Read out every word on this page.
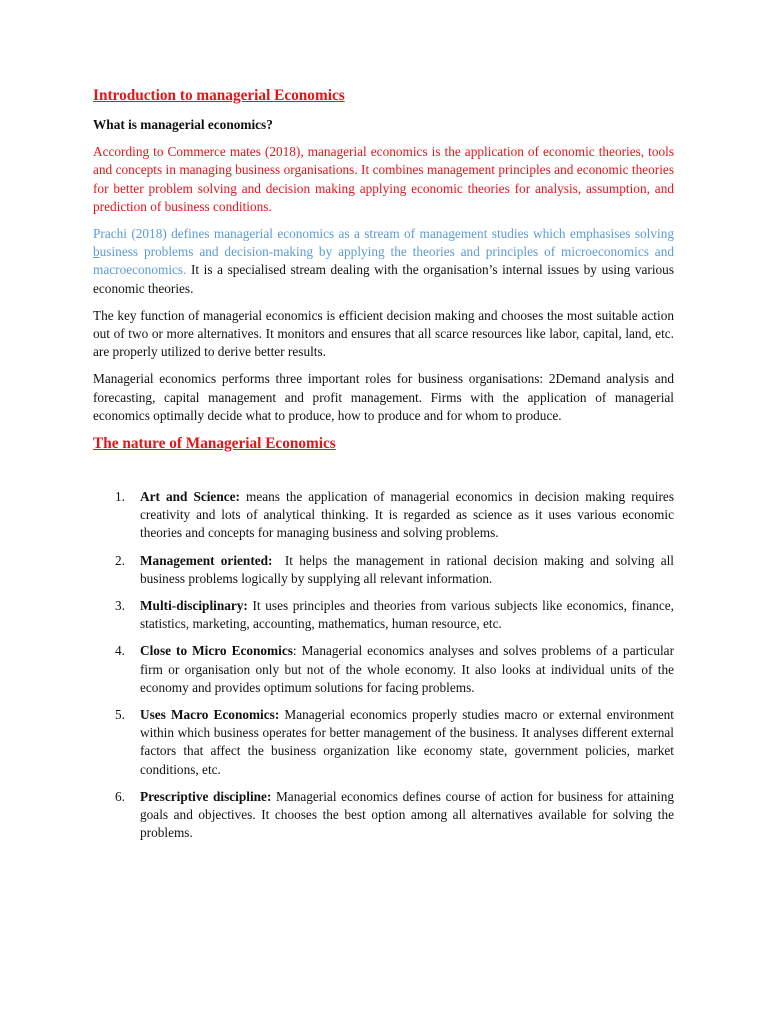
Introduction to managerial Economics
What is managerial economics?

According to Commerce mates (2018), managerial economics is the application of economic theories, tools and concepts in managing business organisations. It combines management principles and economic theories for better problem solving and decision making applying economic theories for analysis, assumption, and prediction of business conditions.

Prachi (2018) defines managerial economics as a stream of management studies which emphasises solving business problems and decision-making by applying the theories and principles of microeconomics and macroeconomics. It is a specialised stream dealing with the organisation’s internal issues by using various economic theories.

The key function of managerial economics is efficient decision making and chooses the most suitable action out of two or more alternatives. It monitors and ensures that all scarce resources like labor, capital, land, etc. are properly utilized to derive better results.

Managerial economics performs three important roles for business organisations: 2Demand analysis and forecasting, capital management and profit management. Firms with the application of managerial economics optimally decide what to produce, how to produce and for whom to produce.

The nature of Managerial Economics
1. Art and Science: means the application of managerial economics in decision making requires creativity and lots of analytical thinking. It is regarded as science as it uses various economic theories and concepts for managing business and solving problems.
2. Management oriented:  It helps the management in rational decision making and solving all business problems logically by supplying all relevant information.
3. Multi-disciplinary: It uses principles and theories from various subjects like economics, finance, statistics, marketing, accounting, mathematics, human resource, etc.
4. Close to Micro Economics: Managerial economics analyses and solves problems of a particular firm or organisation only but not of the whole economy. It also looks at individual units of the economy and provides optimum solutions for facing problems.
5. Uses Macro Economics: Managerial economics properly studies macro or external environment within which business operates for better management of the business. It analyses different external factors that affect the business organization like economy state, government policies, market conditions, etc.
6. Prescriptive discipline: Managerial economics defines course of action for business for attaining goals and objectives. It chooses the best option among all alternatives available for solving the problems.
